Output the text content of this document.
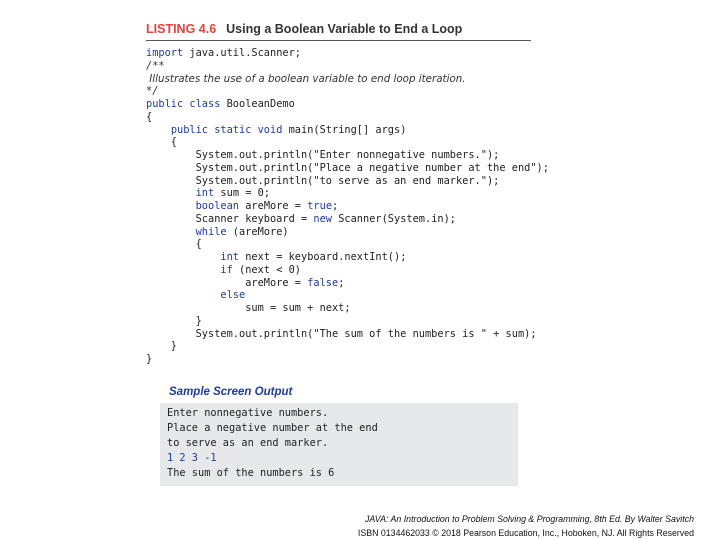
LISTING 4.6 Using a Boolean Variable to End a Loop
import java.util.Scanner;
/**
Illustrates the use of a boolean variable to end loop iteration.
*/
public class BooleanDemo
{
public static void main(String[] args)
{
System.out.println("Enter nonnegative numbers.");
System.out.println("Place a negative number at the end");
System.out.println("to serve as an end marker.");
int sum = 0;
boolean areMore = true;
Scanner keyboard = new Scanner(System.in);
while (areMore)
{
int next = keyboard.nextInt();
if (next < 0)
areMore = false;
else
sum = sum + next;
}
System.out.println("The sum of the numbers is " + sum);
}
}
Sample Screen Output
Enter nonnegative numbers.
Place a negative number at the end
to serve as an end marker.
1 2 3 -1
The sum of the numbers is 6
JAVA: An Introduction to Problem Solving & Programming, 8th Ed. By Walter Savitch
ISBN 0134462033 © 2018 Pearson Education, Inc., Hoboken, NJ. All Rights Reserved
